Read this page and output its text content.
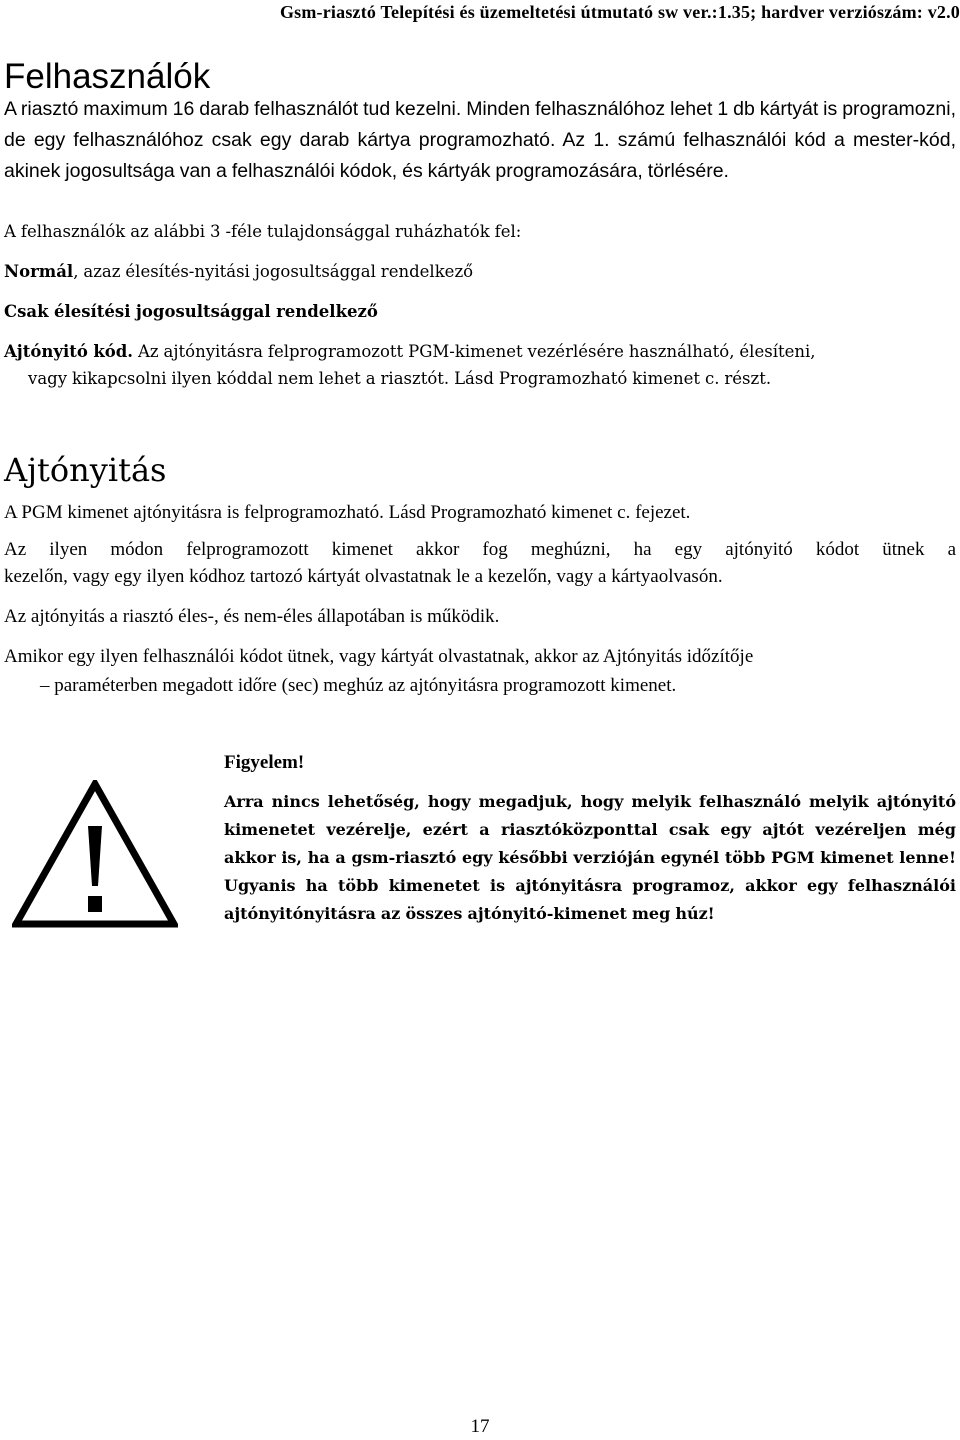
Gsm-riasztó Telepítési és üzemeltetési útmutató sw ver.:1.35; hardver verziószám: v2.0
Felhasználók

A riasztó maximum 16 darab felhasználót tud kezelni. Minden felhasználóhoz lehet 1 db kártyát is programozni, de egy felhasználóhoz csak egy darab kártya programozható. Az 1. számú felhasználói kód a mester-kód, akinek jogosultsága van a felhasználói kódok, és kártyák programozására, törlésére.

A felhasználók az alábbi 3 -féle tulajdonsággal ruházhatók fel:

Normál, azaz élesítés-nyitási jogosultsággal rendelkező

Csak élesítési jogosultsággal rendelkező

Ajtónyitó kód. Az ajtónyitásra felprogramozott PGM-kimenet vezérlésére használható, élesíteni,

vagy kikapcsolni ilyen kóddal nem lehet a riasztót. Lásd Programozható kimenet c. részt.

Ajtónyitás

A PGM kimenet ajtónyitásra is felprogramozható. Lásd Programozható kimenet c. fejezet.

Az ilyen módon felprogramozott kimenet akkor fog meghúzni, ha egy ajtónyitó kódot ütnek a

kezelőn, vagy egy ilyen kódhoz tartozó kártyát olvastatnak le a kezelőn, vagy a kártyaolvasón.

Az ajtónyitás a riasztó éles-, és nem-éles állapotában is működik.

Amikor egy ilyen felhasználói kódot ütnek, vagy kártyát olvastatnak, akkor az Ajtónyitás időzítője

– paraméterben megadott időre (sec) meghúz az ajtónyitásra programozott kimenet.

Figyelem!

Arra nincs lehetőség, hogy megadjuk, hogy melyik felhasználó melyik ajtónyitó kimenetet vezérelje, ezért a riasztóközponttal csak egy ajtót vezéreljen még akkor is, ha a gsm-riasztó egy későbbi verzióján egynél több PGM kimenet lenne! Ugyanis ha több kimenetet is ajtónyitásra programoz, akkor egy felhasználói ajtónyitónyitásra az összes ajtónyitó-kimenet meg húz!

17
